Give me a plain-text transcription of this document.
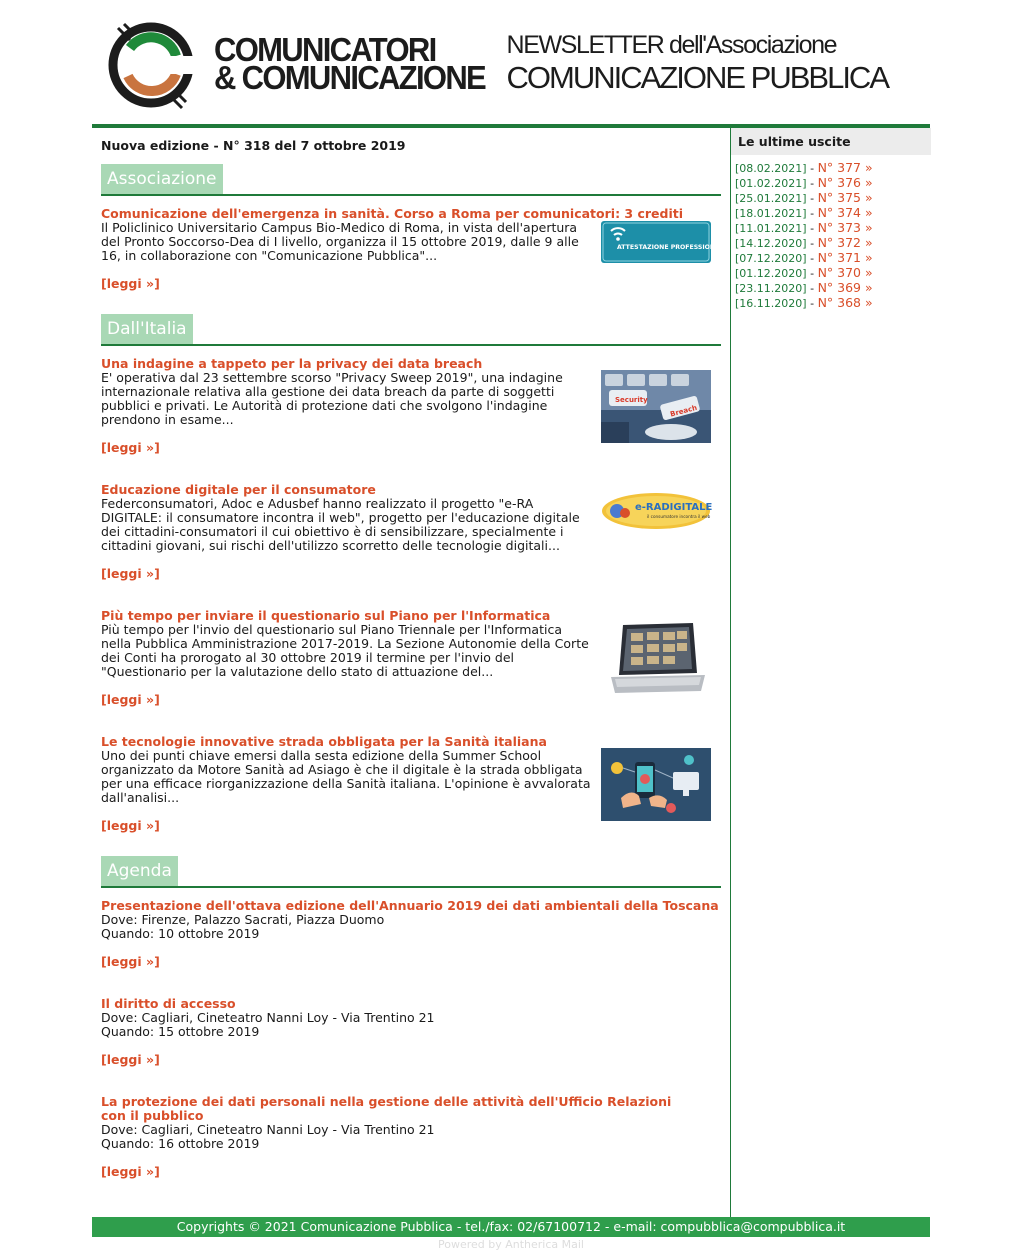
COMUNICATORI
& COMUNICAZIONE
NEWSLETTER dell'Associazione
COMUNICAZIONE PUBBLICA
Nuova edizione - N° 318 del 7 ottobre 2019
Associazione
Comunicazione dell'emergenza in sanità. Corso a Roma per comunicatori: 3 crediti
Il Policlinico Universitario Campus Bio-Medico di Roma, in vista dell'apertura del Pronto Soccorso-Dea di I livello, organizza il 15 ottobre 2019, dalle 9 alle 16, in collaborazione con "Comunicazione Pubblica"...
[leggi »]
ATTESTAZIONE PROFESSIONALE
Dall'Italia
Una indagine a tappeto per la privacy dei data breach
E' operativa dal 23 settembre scorso "Privacy Sweep 2019", una indagine internazionale relativa alla gestione dei data breach da parte di soggetti pubblici e privati. Le Autorità di protezione dati che svolgono l'indagine prendono in esame...
[leggi »]
Security
Breach
Educazione digitale per il consumatore
Federconsumatori, Adoc e Adusbef hanno realizzato il progetto "e-RA DIGITALE: il consumatore incontra il web", progetto per l'educazione digitale dei cittadini-consumatori il cui obiettivo è di sensibilizzare, specialmente i cittadini giovani, sui rischi dell'utilizzo scorretto delle tecnologie digitali...
[leggi »]
e-RADIGITALE
il consumatore incontra il web
Più tempo per inviare il questionario sul Piano per l'Informatica
Più tempo per l'invio del questionario sul Piano Triennale per l'Informatica nella Pubblica Amministrazione 2017-2019. La Sezione Autonomie della Corte dei Conti ha prorogato al 30 ottobre 2019 il termine per l'invio del "Questionario per la valutazione dello stato di attuazione del...
[leggi »]
Le tecnologie innovative strada obbligata per la Sanità italiana
Uno dei punti chiave emersi dalla sesta edizione della Summer School organizzato da Motore Sanità ad Asiago è che il digitale è la strada obbligata per una efficace riorganizzazione della Sanità italiana. L'opinione è avvalorata dall'analisi...
[leggi »]
Agenda
Presentazione dell'ottava edizione dell'Annuario 2019 dei dati ambientali della Toscana
Dove: Firenze, Palazzo Sacrati, Piazza Duomo
Quando: 10 ottobre 2019
[leggi »]
Il diritto di accesso
Dove: Cagliari, Cineteatro Nanni Loy - Via Trentino 21
Quando: 15 ottobre 2019
[leggi »]
La protezione dei dati personali nella gestione delle attività dell'Ufficio Relazioni con il pubblico
Dove: Cagliari, Cineteatro Nanni Loy - Via Trentino 21
Quando: 16 ottobre 2019
[leggi »]
Le ultime uscite
[08.02.2021] - N° 377 »
[01.02.2021] - N° 376 »
[25.01.2021] - N° 375 »
[18.01.2021] - N° 374 »
[11.01.2021] - N° 373 »
[14.12.2020] - N° 372 »
[07.12.2020] - N° 371 »
[01.12.2020] - N° 370 »
[23.11.2020] - N° 369 »
[16.11.2020] - N° 368 »
Copyrights © 2021 Comunicazione Pubblica - tel./fax: 02/67100712 - e-mail: compubblica@compubblica.it
Powered by Antherica Mail
